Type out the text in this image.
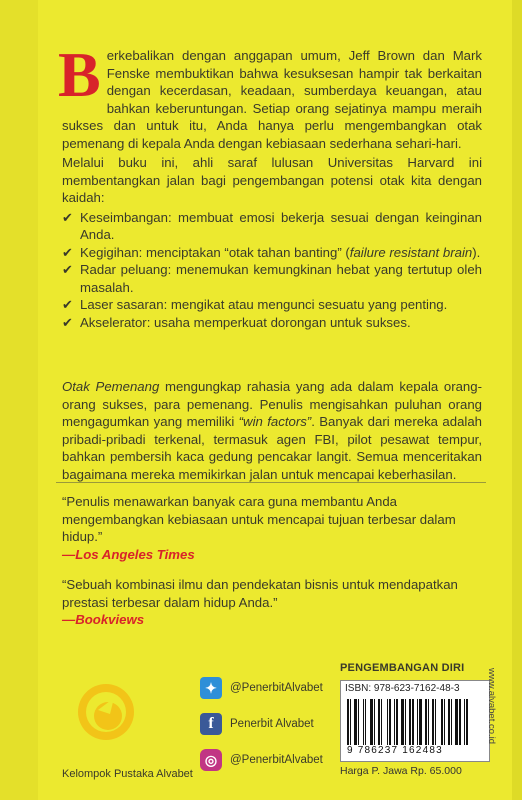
Berkebalikan dengan anggapan umum, Jeff Brown dan Mark Fenske membuktikan bahwa kesuksesan hampir tak berkaitan dengan kecerdasan, keadaan, sumberdaya keuangan, atau bahkan keberuntungan. Setiap orang sejatinya mampu meraih sukses dan untuk itu, Anda hanya perlu mengembangkan otak pemenang di kepala Anda dengan kebiasaan sederhana sehari-hari.
Melalui buku ini, ahli saraf lulusan Universitas Harvard ini membentangkan jalan bagi pengembangan potensi otak kita dengan kaidah:
✔ Keseimbangan: membuat emosi bekerja sesuai dengan keinginan Anda.
✔ Kegigihan: menciptakan “otak tahan banting” (failure resistant brain).
✔ Radar peluang: menemukan kemungkinan hebat yang tertutup oleh masalah.
✔ Laser sasaran: mengikat atau mengunci sesuatu yang penting.
✔ Akselerator: usaha memperkuat dorongan untuk sukses.
Otak Pemenang mengungkap rahasia yang ada dalam kepala orang-orang sukses, para pemenang. Penulis mengisahkan puluhan orang mengagumkan yang memiliki “win factors”. Banyak dari mereka adalah pribadi-pribadi terkenal, termasuk agen FBI, pilot pesawat tempur, bahkan pembersih kaca gedung pencakar langit. Semua menceritakan bagaimana mereka memikirkan jalan untuk mencapai keberhasilan.
“Penulis menawarkan banyak cara guna membantu Anda mengembangkan kebiasaan untuk mencapai tujuan terbesar dalam hidup.”
—Los Angeles Times
“Sebuah kombinasi ilmu dan pendekatan bisnis untuk mendapatkan prestasi terbesar dalam hidup Anda.”
—Bookviews
Kelompok Pustaka Alvabet
✦	@PenerbitAlvabet
f	Penerbit Alvabet
◎	@PenerbitAlvabet
PENGEMBANGAN DIRI
ISBN: 978-623-7162-48-3
9 786237 162483
www.alvabet.co.id
Harga P. Jawa Rp. 65.000
